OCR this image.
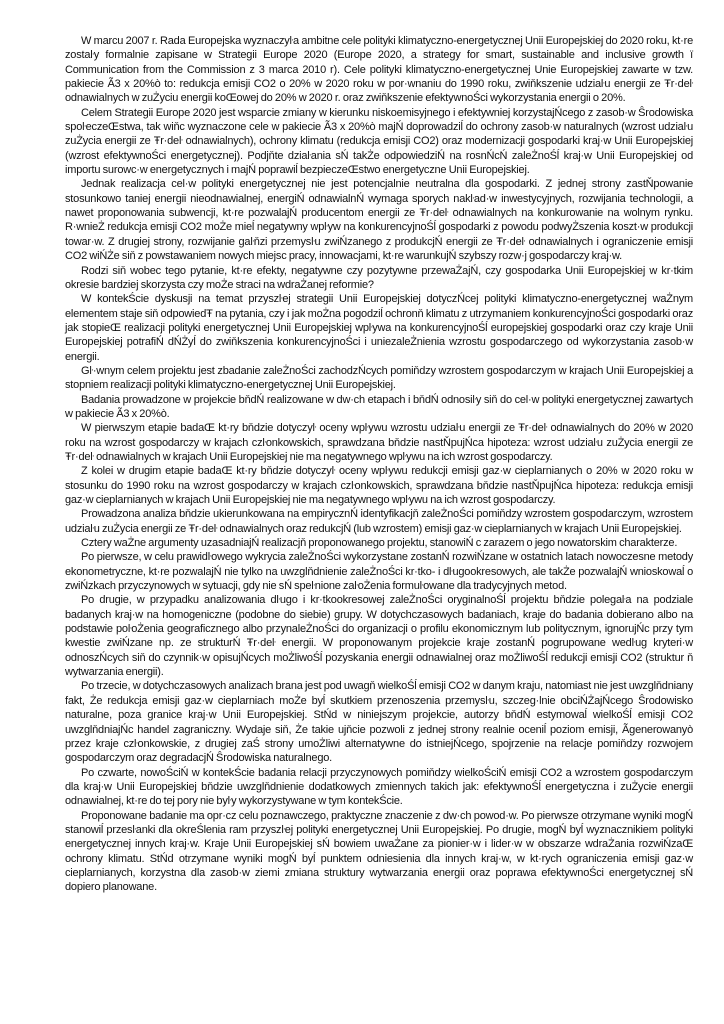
W marcu 2007 r. Rada Europejska wyznaczyŀa ambitne cele polityki klimatyczno-energetycznej Unii Europejskiej do 2020 roku, kt·re zostaŀy formalnie zapisane w Strategii Europe 2020 (Europe 2020, a strategy for smart, sustainable and inclusive growth ï Communication from the Commission z 3 marca 2010 r). Cele polityki klimatyczno-energetycznej Unie Europejskiej zawarte w tzw. pakiecie Ã3 x 20%ò to: redukcja emisji CO2 o 20% w 2020 roku w por·wnaniu do 1990 roku, zwiňkszenie udziaŀu energii ze Ŧr·deŀ odnawialnych w zuŻyciu energii koŒowej do 20% w 2020 r. oraz zwiňkszenie efektywnoŚci wykorzystania energii o 20%.

Celem Strategii Europe 2020 jest wsparcie zmiany w kierunku niskoemisyjnego i efektywniej korzystajŃcego z zasob·w Ŝrodowiska spoŀeczeŒstwa, tak wiňc wyznaczone cele w pakiecie Ã3 x 20%ò majŃ doprowadziĺ do ochrony zasob·w naturalnych (wzrost udziaŀu zuŻycia energii ze Ŧr·deŀ odnawialnych), ochrony klimatu (redukcja emisji CO2) oraz modernizacji gospodarki kraj·w Unii Europejskiej (wzrost efektywnoŚci energetycznej). Podjňte dziaŀania sŃ takŻe odpowiedziŃ na rosnŃcŃ zaleŻnoŚĺ kraj·w Unii Europejskiej od importu surowc·w energetycznych i majŃ poprawiĺ bezpieczeŒstwo energetyczne Unii Europejskiej.

Jednak realizacja cel·w polityki energetycznej nie jest potencjalnie neutralna dla gospodarki. Z jednej strony zastŇpowanie stosunkowo taniej energii nieodnawialnej, energiŃ odnawialnŃ wymaga sporych nakŀad·w inwestycyjnych, rozwijania technologii, a nawet proponowania subwencji, kt·re pozwalajŃ producentom energii ze Ŧr·deŀ odnawialnych na konkurowanie na wolnym rynku. R·wnieŻ redukcja emisji CO2 moŻe mieĺ negatywny wpŀyw na konkurencyjnoŚĺ gospodarki z powodu podwyŻszenia koszt·w produkcji towar·w. Z drugiej strony, rozwijanie gaŀňzi przemysŀu zwiŃzanego z produkcjŃ energii ze Ŧr·deŀ odnawialnych i ograniczenie emisji CO2 wiŃŻe siň z powstawaniem nowych miejsc pracy, innowacjami, kt·re warunkujŃ szybszy rozw·j gospodarczy kraj·w.

Rodzi siň wobec tego pytanie, kt·re efekty, negatywne czy pozytywne przewaŻajŃ, czy gospodarka Unii Europejskiej w kr·tkim okresie bardziej skorzysta czy moŻe straci na wdraŻanej reformie?

W kontekŚcie dyskusji na temat przyszŀej strategii Unii Europejskiej dotyczŃcej polityki klimatyczno-energetycznej waŻnym elementem staje siň odpowiedŦ na pytania, czy i jak moŻna pogodziĺ ochronň klimatu z utrzymaniem konkurencyjnoŚci gospodarki oraz jak stopieŒ realizacji polityki energetycznej Unii Europejskiej wpŀywa na konkurencyjnoŚĺ europejskiej gospodarki oraz czy kraje Unii Europejskiej potrafiŃ dŃŻyĺ do zwiňkszenia konkurencyjnoŚci i uniezaleŻnienia wzrostu gospodarczego od wykorzystania zasob·w energii.

Gŀ·wnym celem projektu jest zbadanie zaleŻnoŚci zachodzŃcych pomiňdzy wzrostem gospodarczym w krajach Unii Europejskiej a stopniem realizacji polityki klimatyczno-energetycznej Unii Europejskiej.

Badania prowadzone w projekcie bňdŃ realizowane w dw·ch etapach i bňdŃ odnosiŀy siň do cel·w polityki energetycznej zawartych w pakiecie Ã3 x 20%ò.

W pierwszym etapie badaŒ kt·ry bňdzie dotyczyŀ oceny wpŀywu wzrostu udziaŀu energii ze Ŧr·deŀ odnawialnych do 20% w 2020 roku na wzrost gospodarczy w krajach czŀonkowskich, sprawdzana bňdzie nastŇpujŃca hipoteza: wzrost udziaŀu zuŻycia energii ze Ŧr·deŀ odnawialnych w krajach Unii Europejskiej nie ma negatywnego wpŀywu na ich wzrost gospodarczy.

Z kolei w drugim etapie badaŒ kt·ry bňdzie dotyczyŀ oceny wpŀywu redukcji emisji gaz·w cieplarnianych o 20% w 2020 roku w stosunku do 1990 roku na wzrost gospodarczy w krajach czŀonkowskich, sprawdzana bňdzie nastŇpujŃca hipoteza: redukcja emisji gaz·w cieplarnianych w krajach Unii Europejskiej nie ma negatywnego wpŀywu na ich wzrost gospodarczy.

Prowadzona analiza bňdzie ukierunkowana na empirycznŃ identyfikacjň zaleŻnoŚci pomiňdzy wzrostem gospodarczym, wzrostem udziaŀu zuŻycia energii ze Ŧr·deŀ odnawialnych oraz redukcjŃ (lub wzrostem) emisji gaz·w cieplarnianych w krajach Unii Europejskiej.

Cztery waŻne argumenty uzasadniajŃ realizacjň proponowanego projektu, stanowiŃ c zarazem o jego nowatorskim charakterze.

Po pierwsze, w celu prawidŀowego wykrycia zaleŻnoŚci wykorzystane zostanŃ rozwiŃzane w ostatnich latach nowoczesne metody ekonometryczne, kt·re pozwalajŃ nie tylko na uwzglňdnienie zaleŻnoŚci kr·tko- i dŀugookresowych, ale takŻe pozwalajŃ wnioskowaĺ o zwiŃzkach przyczynowych w sytuacji, gdy nie sŃ speŀnione zaŀoŻenia formuŀowane dla tradycyjnych metod.

Po drugie, w przypadku analizowania dŀugo i kr·tkookresowej zaleŻnoŚci oryginalnoŚĺ projektu bňdzie polegaŀa na podziale badanych kraj·w na homogeniczne (podobne do siebie) grupy. W dotychczasowych badaniach, kraje do badania dobierano albo na podstawie poŀoŻenia geograficznego albo przynaleŻnoŚci do organizacji o profilu ekonomicznym lub politycznym, ignorujŃc przy tym kwestie zwiŃzane np. ze strukturŃ Ŧr·deŀ energii. W proponowanym projekcie kraje zostanŃ pogrupowane wedŀug kryteri·w odnoszŃcych siň do czynnik·w opisujŃcych moŻliwoŚĺ pozyskania energii odnawialnej oraz moŻliwoŚĺ redukcji emisji CO2 (struktur ň wytwarzania energii).

Po trzecie, w dotychczasowych analizach brana jest pod uwagň wielkoŚĺ emisji CO2 w danym kraju, natomiast nie jest uwzglňdniany fakt, Żе redukcja emisji gaz·w cieplarniach moŻe byĺ skutkiem przenoszenia przemysŀu, szczeg·lnie obciŃŻajŃcego Ŝrodowisko naturalne, poza granice kraj·w Unii Europejskiej. StŃd w niniejszym projekcie, autorzy bňdŃ estymowaĺ wielkoŚĺ emisji CO2 uwzglňdniajŃc handel zagraniczny. Wydaje siň, Żе takie ujňcie pozwoli z jednej strony realnie oceniĺ poziom emisji, Ãgenerowanyò przez kraje czŀonkowskie, z drugiej zaŚ strony umoŻliwi alternatywne do istniejŃcego, spojrzenie na relacje pomiňdzy rozwojem gospodarczym oraz degradacjŃ Ŝrodowiska naturalnego.

Po czwarte, nowoŚciŃ w kontekŚcie badania relacji przyczynowych pomiňdzy wielkoŚciŃ emisji CO2 a wzrostem gospodarczym dla kraj·w Unii Europejskiej bňdzie uwzglňdnienie dodatkowych zmiennych takich jak: efektywnoŚĺ energetyczna i zuŻycie energii odnawialnej, kt·re do tej pory nie byŀy wykorzystywane w tym kontekŚcie.

Proponowane badanie ma opr·cz celu poznawczego, praktyczne znaczenie z dw·ch powod·w. Po pierwsze otrzymane wyniki mogŃ stanowiĺ przesŀanki dla okreŚlenia ram przyszŀej polityki energetycznej Unii Europejskiej. Po drugie, mogŃ byĺ wyznacznikiem polityki energetycznej innych kraj·w. Kraje Unii Europejskiej sŃ bowiem uwaŻane za pionier·w i lider·w w obszarze wdraŻania rozwiŃzaŒ ochrony klimatu. StŃd otrzymane wyniki mogŃ byĺ punktem odniesienia dla innych kraj·w, w kt·rych ograniczenia emisji gaz·w cieplarnianych, korzystna dla zasob·w ziemi zmiana struktury wytwarzania energii oraz poprawa efektywnoŚci energetycznej sŃ dopiero planowane.
